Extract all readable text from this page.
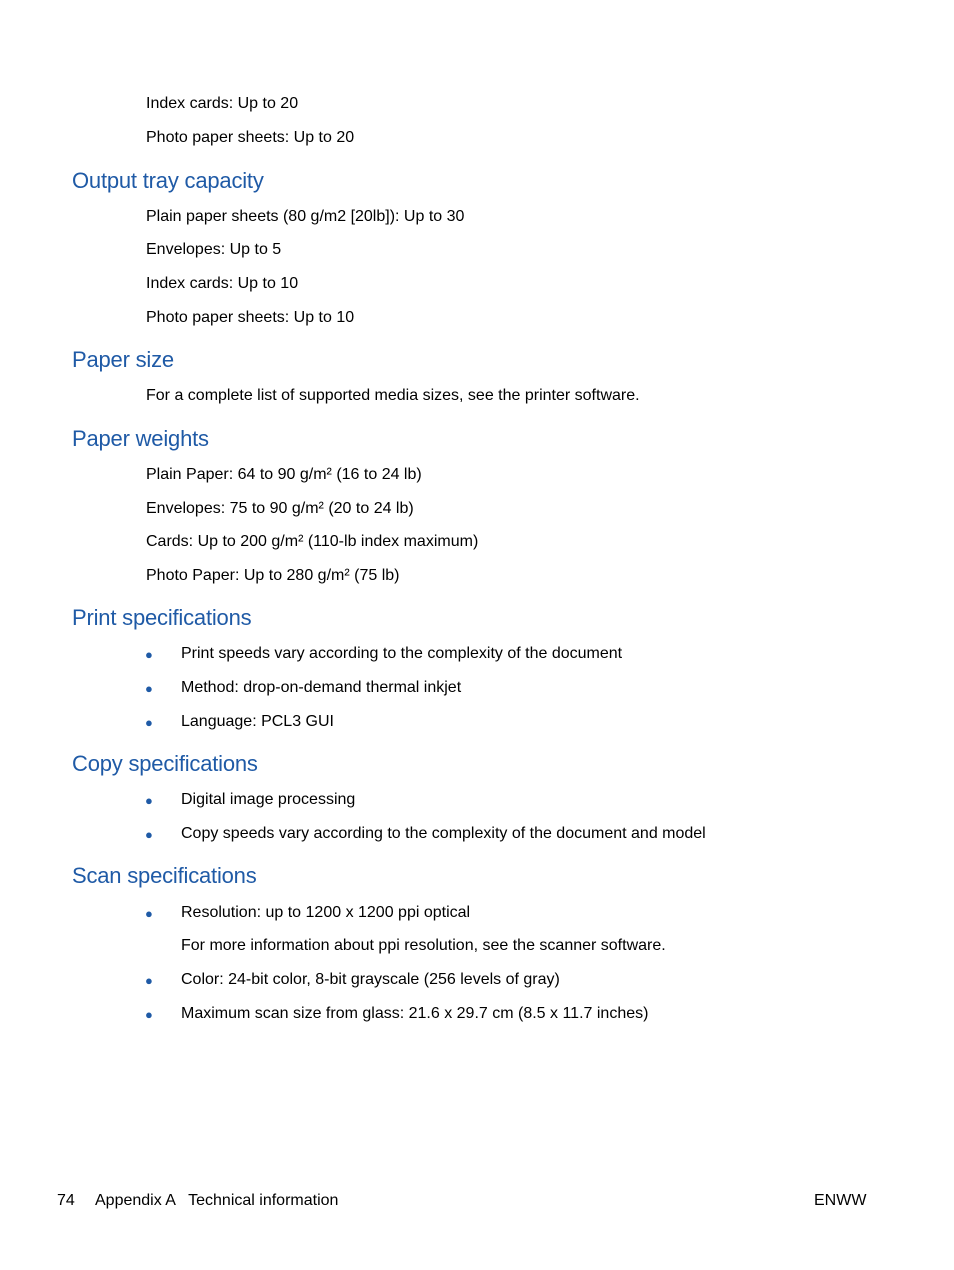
Index cards: Up to 20
Photo paper sheets: Up to 20
Output tray capacity
Plain paper sheets (80 g/m2 [20lb]): Up to 30
Envelopes: Up to 5
Index cards: Up to 10
Photo paper sheets: Up to 10
Paper size
For a complete list of supported media sizes, see the printer software.
Paper weights
Plain Paper: 64 to 90 g/m² (16 to 24 lb)
Envelopes: 75 to 90 g/m² (20 to 24 lb)
Cards: Up to 200 g/m² (110-lb index maximum)
Photo Paper: Up to 280 g/m² (75 lb)
Print specifications
● Print speeds vary according to the complexity of the document
● Method: drop-on-demand thermal inkjet
● Language: PCL3 GUI
Copy specifications
● Digital image processing
● Copy speeds vary according to the complexity of the document and model
Scan specifications
● Resolution: up to 1200 x 1200 ppi optical
For more information about ppi resolution, see the scanner software.
● Color: 24-bit color, 8-bit grayscale (256 levels of gray)
● Maximum scan size from glass: 21.6 x 29.7 cm (8.5 x 11.7 inches)
74 Appendix A   Technical information	ENWW
